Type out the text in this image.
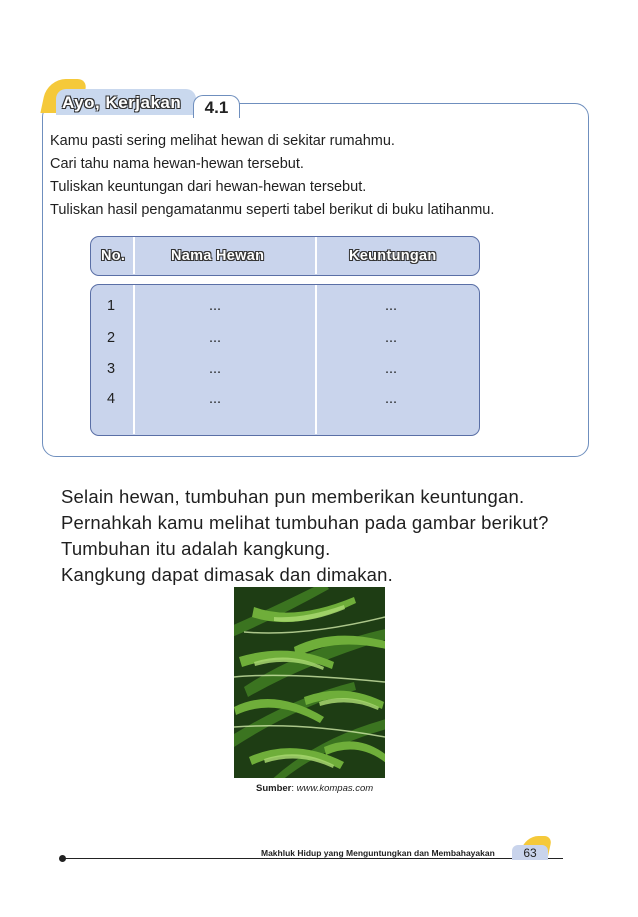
Ayo, Kerjakan	4.1
Kamu pasti sering melihat hewan di sekitar rumahmu.
Cari tahu nama hewan-hewan tersebut.
Tuliskan keuntungan dari hewan-hewan tersebut.
Tuliskan hasil pengamatanmu seperti tabel berikut di buku latihanmu.
No.	Nama Hewan	Keuntungan
1	...	...
2	...	...
3	...	...
4	...	...
Selain hewan, tumbuhan pun memberikan keuntungan.
Pernahkah kamu melihat tumbuhan pada gambar berikut?
Tumbuhan itu adalah kangkung.
Kangkung dapat dimasak dan dimakan.
Sumber: www.kompas.com
Makhluk Hidup yang Menguntungkan dan Membahayakan	63
